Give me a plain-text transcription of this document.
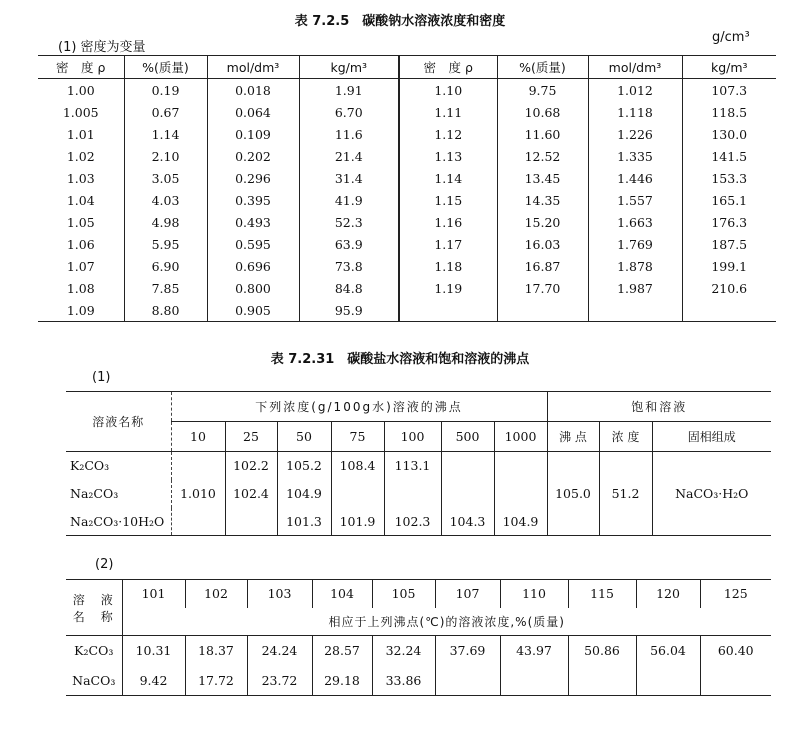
表 7.2.5　碳酸钠水溶液浓度和密度
(1) 密度为变量
g/cm³
密　度 ρ	%(质量)	mol/dm³	kg/m³	密　度 ρ	%(质量)	mol/dm³	kg/m³
1.00	0.19	0.018	1.91	1.10	9.75	1.012	107.3
1.005	0.67	0.064	6.70	1.11	10.68	1.118	118.5
1.01	1.14	0.109	11.6	1.12	11.60	1.226	130.0
1.02	2.10	0.202	21.4	1.13	12.52	1.335	141.5
1.03	3.05	0.296	31.4	1.14	13.45	1.446	153.3
1.04	4.03	0.395	41.9	1.15	14.35	1.557	165.1
1.05	4.98	0.493	52.3	1.16	15.20	1.663	176.3
1.06	5.95	0.595	63.9	1.17	16.03	1.769	187.5
1.07	6.90	0.696	73.8	1.18	16.87	1.878	199.1
1.08	7.85	0.800	84.8	1.19	17.70	1.987	210.6
1.09	8.80	0.905	95.9				
表 7.2.31　碳酸盐水溶液和饱和溶液的沸点
(1)
溶液名称	下列浓度(g/100g水)溶液的沸点							饱和溶液		
	10	25	50	75	100	500	1000	沸 点	浓 度	固相组成
K₂CO₃		102.2	105.2	108.4	113.1					
Na₂CO₃	1.010	102.4	104.9					105.0	51.2	NaCO₃·H₂O
Na₂CO₃·10H₂O			101.3	101.9	102.3	104.3	104.9			
(2)
溶　液	101	102	103	104	105	107	110	115	120	125
名　称	相应于上列沸点(℃)的溶液浓度,%(质量)									
K₂CO₃	10.31	18.37	24.24	28.57	32.24	37.69	43.97	50.86	56.04	60.40
NaCO₃	9.42	17.72	23.72	29.18	33.86					
